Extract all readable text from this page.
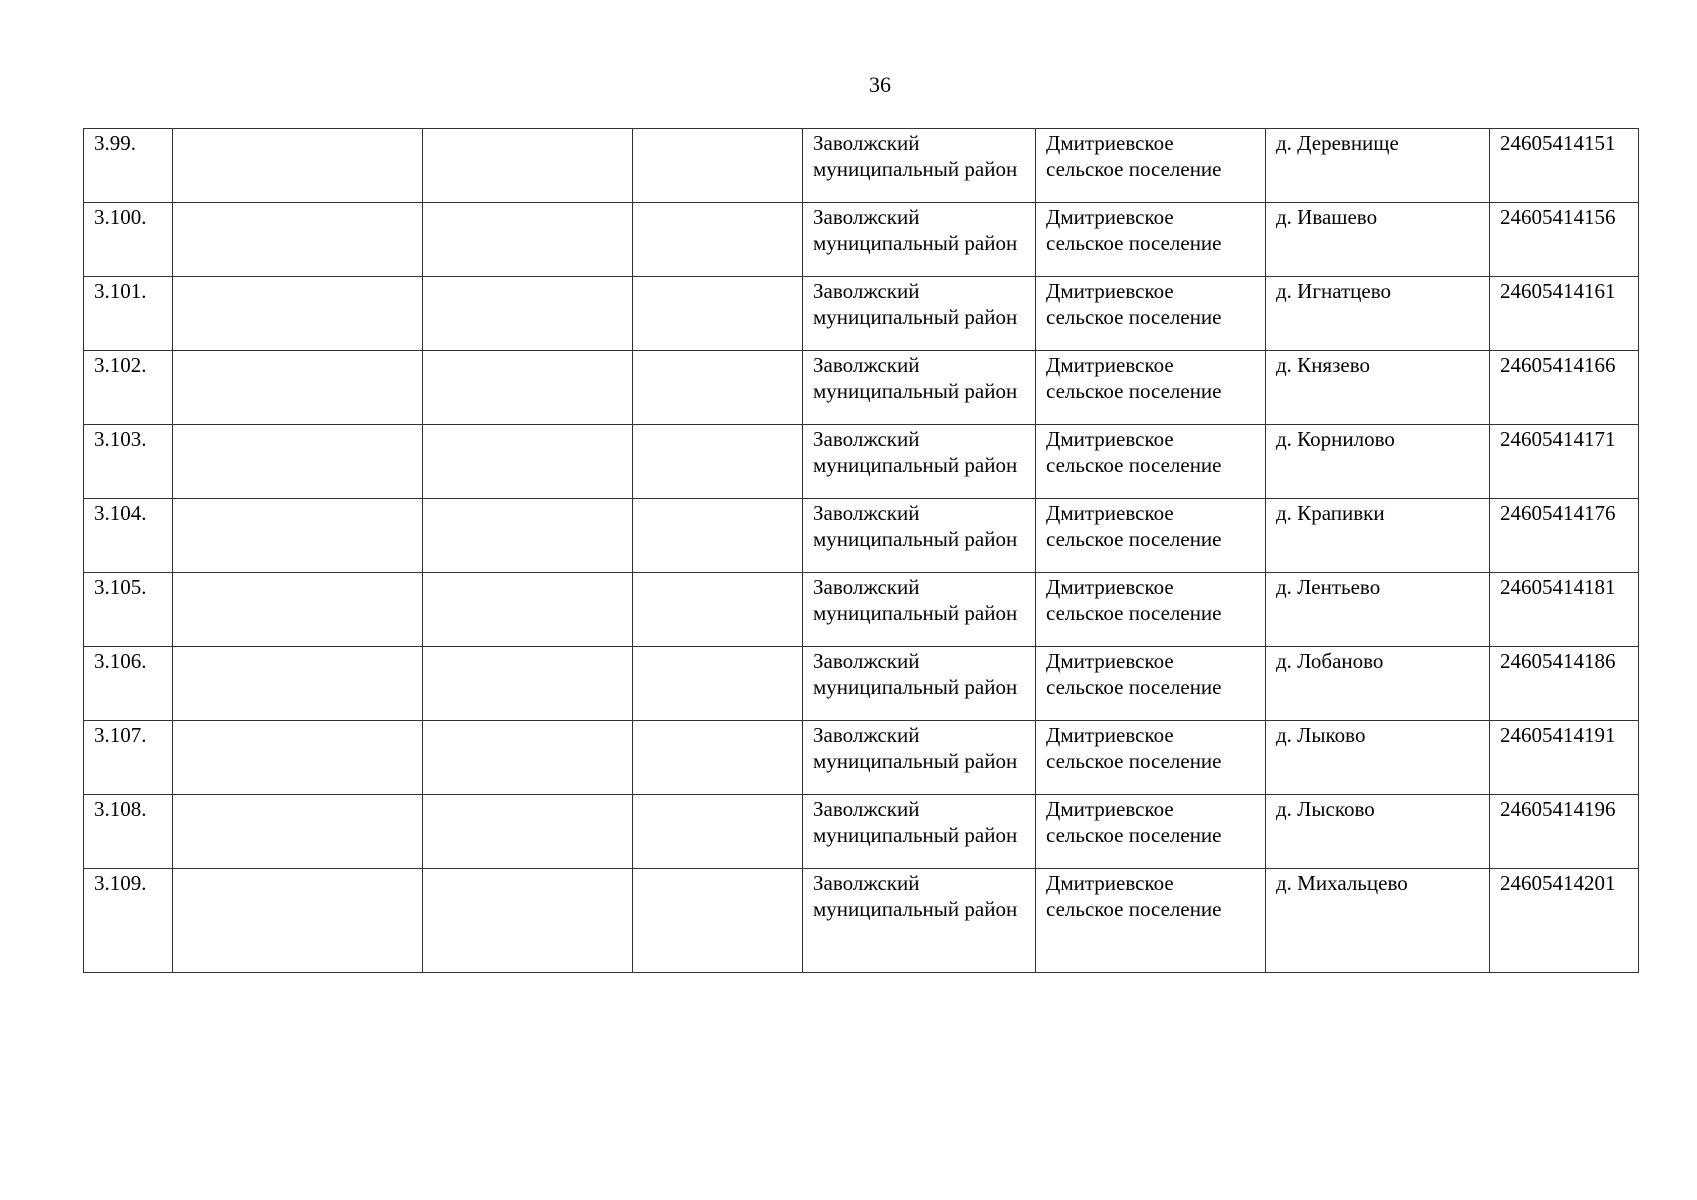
36
3.99.				Заволжский муниципальный район	Дмитриевское сельское поселение	д. Деревнище	24605414151
3.100.				Заволжский муниципальный район	Дмитриевское сельское поселение	д. Ивашево	24605414156
3.101.				Заволжский муниципальный район	Дмитриевское сельское поселение	д. Игнатцево	24605414161
3.102.				Заволжский муниципальный район	Дмитриевское сельское поселение	д. Князево	24605414166
3.103.				Заволжский муниципальный район	Дмитриевское сельское поселение	д. Корнилово	24605414171
3.104.				Заволжский муниципальный район	Дмитриевское сельское поселение	д. Крапивки	24605414176
3.105.				Заволжский муниципальный район	Дмитриевское сельское поселение	д. Лентьево	24605414181
3.106.				Заволжский муниципальный район	Дмитриевское сельское поселение	д. Лобаново	24605414186
3.107.				Заволжский муниципальный район	Дмитриевское сельское поселение	д. Лыково	24605414191
3.108.				Заволжский муниципальный район	Дмитриевское сельское поселение	д. Лысково	24605414196
3.109.				Заволжский муниципальный район	Дмитриевское сельское поселение	д. Михальцево	24605414201
